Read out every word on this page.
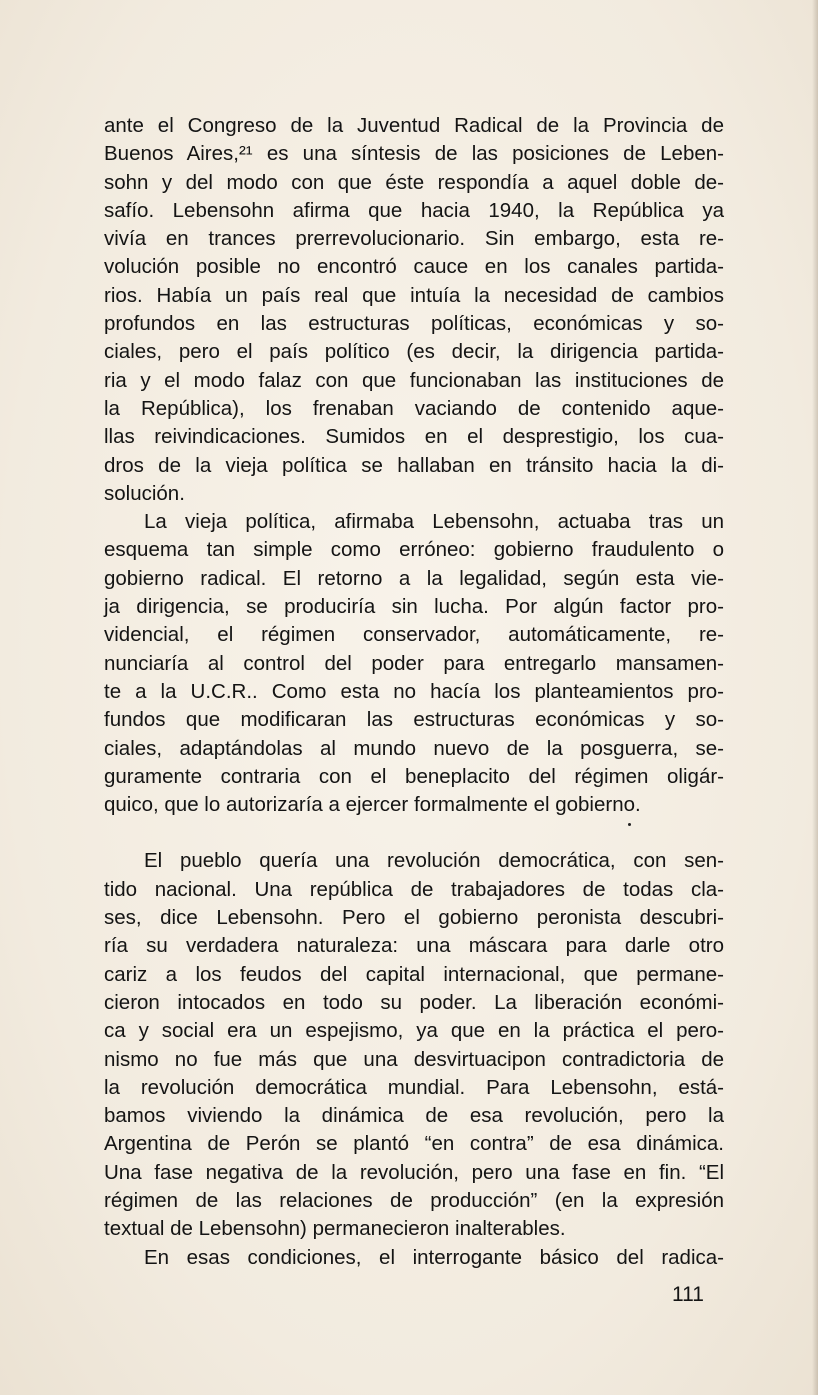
ante el Congreso de la Juventud Radical de la Provincia de
Buenos Aires,²¹ es una síntesis de las posiciones de Leben-
sohn y del modo con que éste respondía a aquel doble de-
safío. Lebensohn afirma que hacia 1940, la República ya
vivía en trances prerrevolucionario. Sin embargo, esta re-
volución posible no encontró cauce en los canales partida-
rios. Había un país real que intuía la necesidad de cambios
profundos en las estructuras políticas, económicas y so-
ciales, pero el país político (es decir, la dirigencia partida-
ria y el modo falaz con que funcionaban las instituciones de
la República), los frenaban vaciando de contenido aque-
llas reivindicaciones. Sumidos en el desprestigio, los cua-
dros de la vieja política se hallaban en tránsito hacia la di-
solución.
La vieja política, afirmaba Lebensohn, actuaba tras un
esquema tan simple como erróneo: gobierno fraudulento o
gobierno radical. El retorno a la legalidad, según esta vie-
ja dirigencia, se produciría sin lucha. Por algún factor pro-
videncial, el régimen conservador, automáticamente, re-
nunciaría al control del poder para entregarlo mansamen-
te a la U.C.R.. Como esta no hacía los planteamientos pro-
fundos que modificaran las estructuras económicas y so-
ciales, adaptándolas al mundo nuevo de la posguerra, se-
guramente contraria con el beneplacito del régimen oligár-
quico, que lo autorizaría a ejercer formalmente el gobierno.
El pueblo quería una revolución democrática, con sen-
tido nacional. Una república de trabajadores de todas cla-
ses, dice Lebensohn. Pero el gobierno peronista descubri-
ría su verdadera naturaleza: una máscara para darle otro
cariz a los feudos del capital internacional, que permane-
cieron intocados en todo su poder. La liberación económi-
ca y social era un espejismo, ya que en la práctica el pero-
nismo no fue más que una desvirtuacipon contradictoria de
la revolución democrática mundial. Para Lebensohn, está-
bamos viviendo la dinámica de esa revolución, pero la
Argentina de Perón se plantó “en contra” de esa dinámica.
Una fase negativa de la revolución, pero una fase en fin. “El
régimen de las relaciones de producción” (en la expresión
textual de Lebensohn) permanecieron inalterables.
En esas condiciones, el interrogante básico del radica-
111
